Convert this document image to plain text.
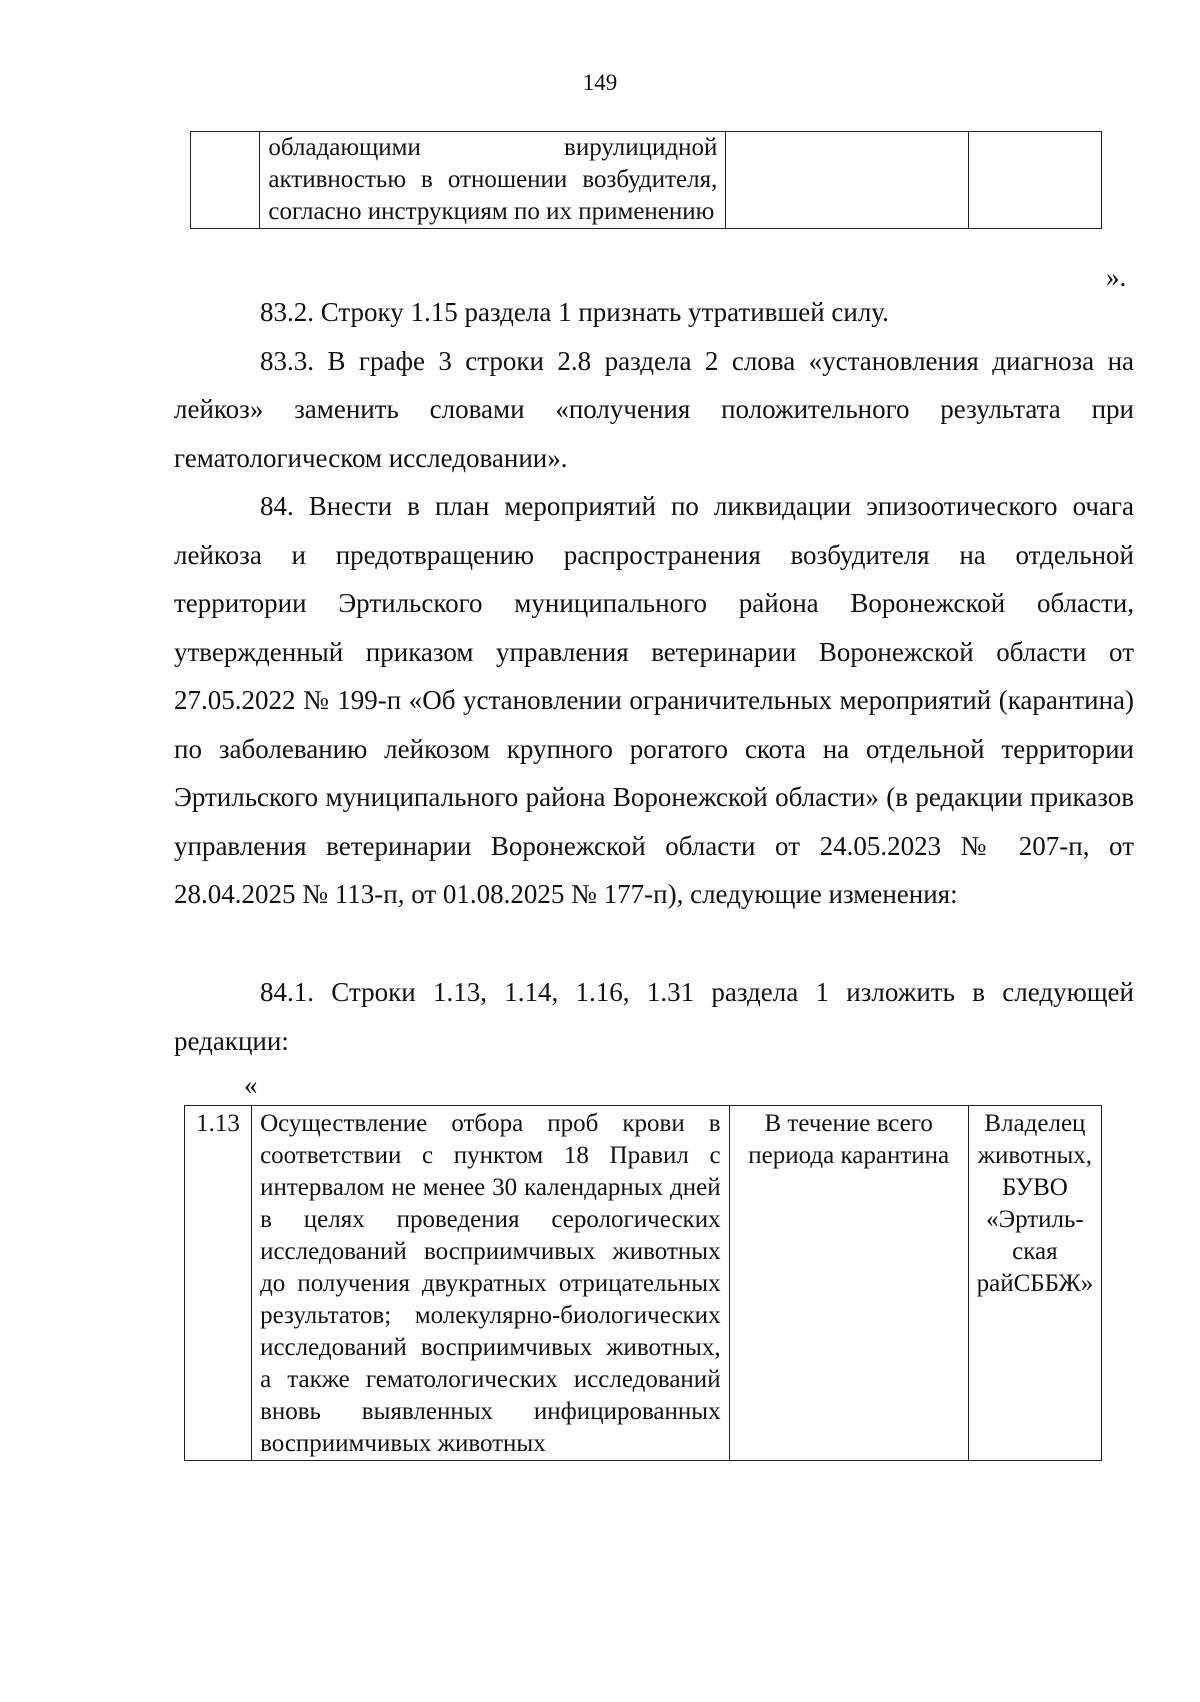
149
	обладающими вирулицидной активностью в отношении возбудителя, согласно инструкциям по их применению		
».

83.2. Строку 1.15 раздела 1 признать утратившей силу.

83.3. В графе 3 строки 2.8 раздела 2 слова «установления диагноза на лейкоз» заменить словами «получения положительного результата при гематологическом исследовании».

84. Внести в план мероприятий по ликвидации эпизоотического очага лейкоза и предотвращению распространения возбудителя на отдельной территории Эртильского муниципального района Воронежской области, утвержденный приказом управления ветеринарии Воронежской области от 27.05.2022 № 199-п «Об установлении ограничительных мероприятий (карантина) по заболеванию лейкозом крупного рогатого скота на отдельной территории Эртильского муниципального района Воронежской области» (в редакции приказов управления ветеринарии Воронежской области от 24.05.2023 № 207-п, от 28.04.2025 № 113-п, от 01.08.2025 № 177-п), следующие изменения:

84.1. Строки 1.13, 1.14, 1.16, 1.31 раздела 1 изложить в следующей редакции:

«
1.13	Осуществление отбора проб крови в соответствии с пунктом 18 Правил с интервалом не менее 30 календарных дней в целях проведения серологических исследований восприимчивых животных до получения двукратных отрицательных результатов; молекулярно-биологических исследований восприимчивых животных, а также гематологических исследований вновь выявленных инфицированных восприимчивых животных	В течение всего периода карантина	Владелец животных, БУВО «Эртиль-ская райСББЖ»
